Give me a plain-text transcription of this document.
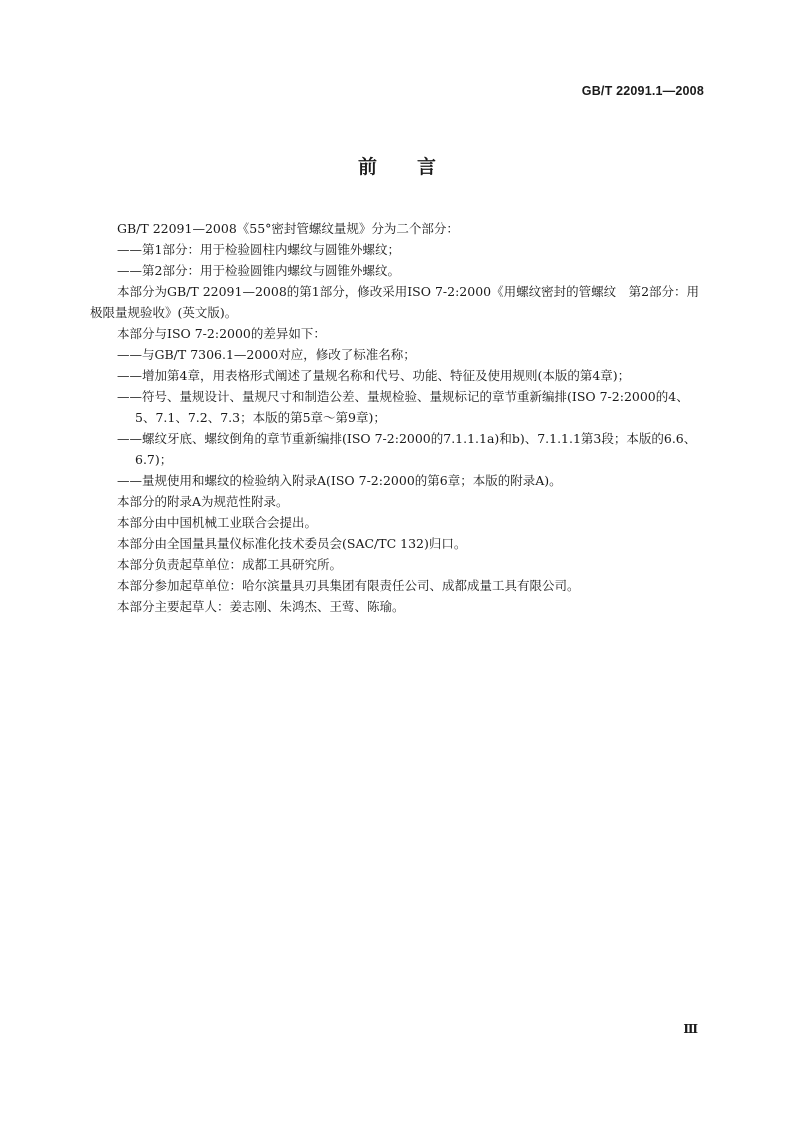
GB/T 22091.1—2008
前言

GB/T 22091—2008《55°密封管螺纹量规》分为二个部分：

——第1部分：用于检验圆柱内螺纹与圆锥外螺纹；

——第2部分：用于检验圆锥内螺纹与圆锥外螺纹。

本部分为GB/T 22091—2008的第1部分，修改采用ISO 7-2:2000《用螺纹密封的管螺纹　第2部分：用极限量规验收》(英文版)。

本部分与ISO 7-2:2000的差异如下：

——与GB/T 7306.1—2000对应，修改了标准名称；

——增加第4章，用表格形式阐述了量规名称和代号、功能、特征及使用规则(本版的第4章)；

——符号、量规设计、量规尺寸和制造公差、量规检验、量规标记的章节重新编排(ISO 7-2:2000的4、5、7.1、7.2、7.3；本版的第5章～第9章)；

——螺纹牙底、螺纹倒角的章节重新编排(ISO 7-2:2000的7.1.1.1a)和b)、7.1.1.1第3段；本版的6.6、6.7)；

——量规使用和螺纹的检验纳入附录A(ISO 7-2:2000的第6章；本版的附录A)。

本部分的附录A为规范性附录。

本部分由中国机械工业联合会提出。

本部分由全国量具量仪标准化技术委员会(SAC/TC 132)归口。

本部分负责起草单位：成都工具研究所。

本部分参加起草单位：哈尔滨量具刃具集团有限责任公司、成都成量工具有限公司。

本部分主要起草人：姜志刚、朱鸿杰、王莺、陈瑜。

Ⅲ
